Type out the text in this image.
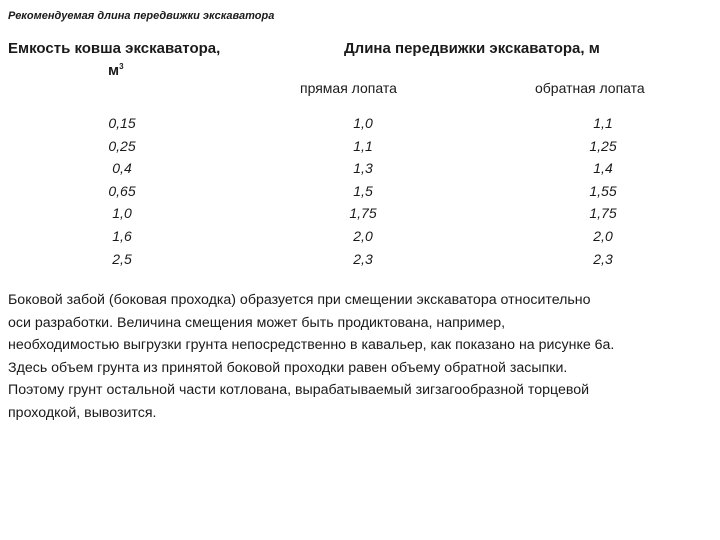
Рекомендуемая длина передвижки экскаватора
Емкость ковша экскаватора,
$м^3$
Длина передвижки экскаватора, м
прямая лопата	обратная лопата
0,15
0,25
0,4
0,65
1,0
1,6
2,5
1,0
1,1
1,3
1,5
1,75
2,0
2,3
1,1
1,25
1,4
1,55
1,75
2,0
2,3
Боковой забой (боковая проходка) образуется при смещении экскаватора относительно
оси разработки. Величина смещения может быть продиктована, например,
необходимостью выгрузки грунта непосредственно в кавальер, как показано на рисунке 6а.
Здесь объем грунта из принятой боковой проходки равен объему обратной засыпки.
Поэтому грунт остальной части котлована, вырабатываемый зигзагообразной торцевой
проходкой, вывозится.
